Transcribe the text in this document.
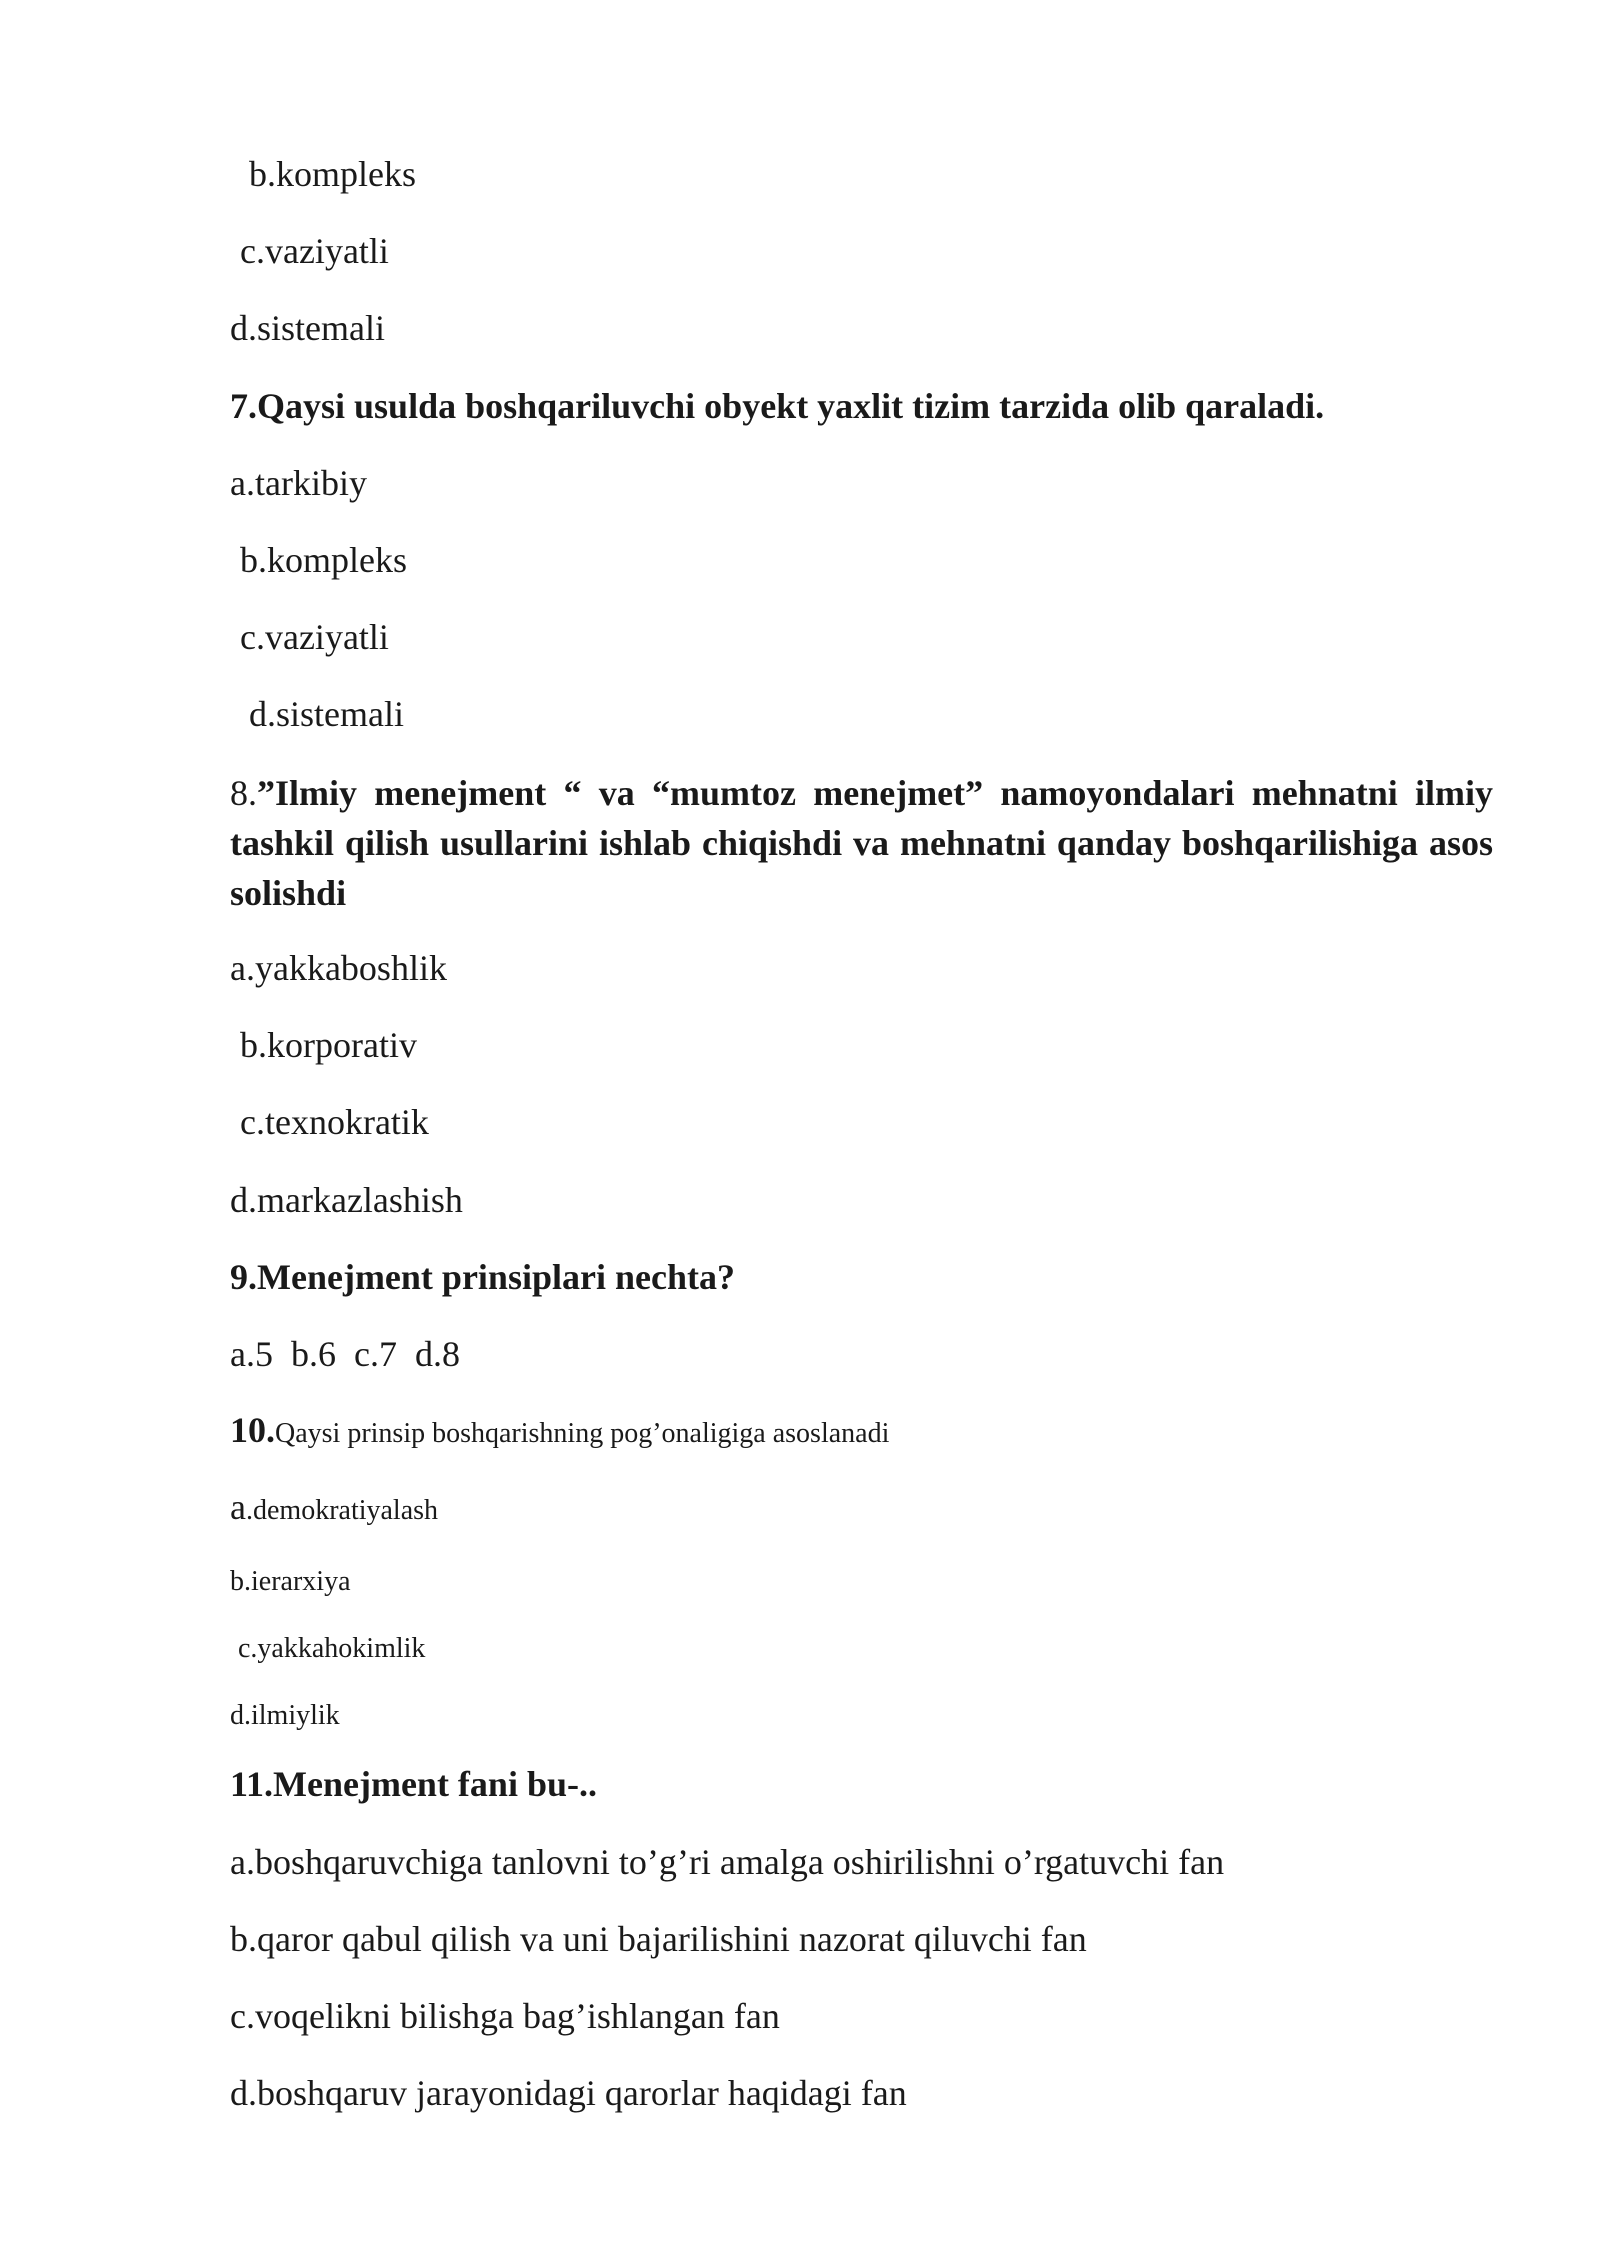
b.kompleks
c.vaziyatli
d.sistemali
7.Qaysi usulda boshqariluvchi obyekt yaxlit tizim tarzida olib qaraladi.
a.tarkibiy
b.kompleks
c.vaziyatli
d.sistemali
8.”Ilmiy menejment “ va “mumtoz menejmet” namoyondalari mehnatni ilmiy tashkil qilish usullarini ishlab chiqishdi va mehnatni qanday boshqarilishiga asos solishdi
a.yakkaboshlik
b.korporativ
c.texnokratik
d.markazlashish
9.Menejment prinsiplari nechta?
a.5  b.6  c.7  d.8
10.Qaysi prinsip boshqarishning pog’onaligiga asoslanadi
a.demokratiyalash
b.ierarxiya
c.yakkahokimlik
d.ilmiylik
11.Menejment fani bu-..
a.boshqaruvchiga tanlovni to’g’ri amalga oshirilishni o’rgatuvchi fan
b.qaror qabul qilish va uni bajarilishini nazorat qiluvchi fan
c.voqelikni bilishga bag’ishlangan fan
d.boshqaruv jarayonidagi qarorlar haqidagi fan
